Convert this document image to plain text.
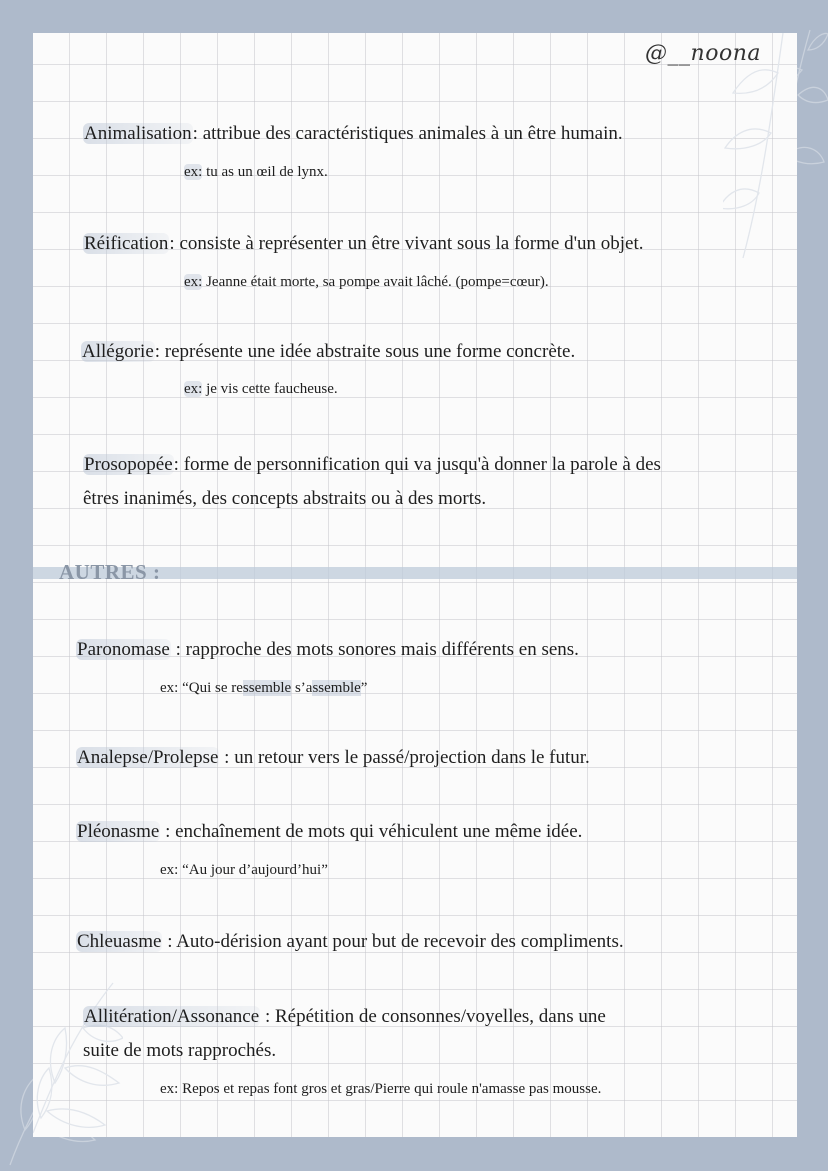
@__noona
Animalisation: attribue des caractéristiques animales à un être humain.
ex: tu as un œil de lynx.
Réification: consiste à représenter un être vivant sous la forme d'un objet.
ex: Jeanne était morte, sa pompe avait lâché. (pompe=cœur).
Allégorie: représente une idée abstraite sous une forme concrète.
ex: je vis cette faucheuse.
Prosopopée: forme de personnification qui va jusqu'à donner la parole à des
êtres inanimés, des concepts abstraits ou à des morts.
AUTRES :
Paronomase : rapproche des mots sonores mais différents en sens.
ex: “Qui se ressemble s’assemble”
Analepse/Prolepse : un retour vers le passé/projection dans le futur.
Pléonasme : enchaînement de mots qui véhiculent une même idée.
ex: “Au jour d’aujourd’hui”
Chleuasme : Auto-dérision ayant pour but de recevoir des compliments.
Allitération/Assonance : Répétition de consonnes/voyelles, dans une
suite de mots rapprochés.
ex: Repos et repas font gros et gras/Pierre qui roule n'amasse pas mousse.
